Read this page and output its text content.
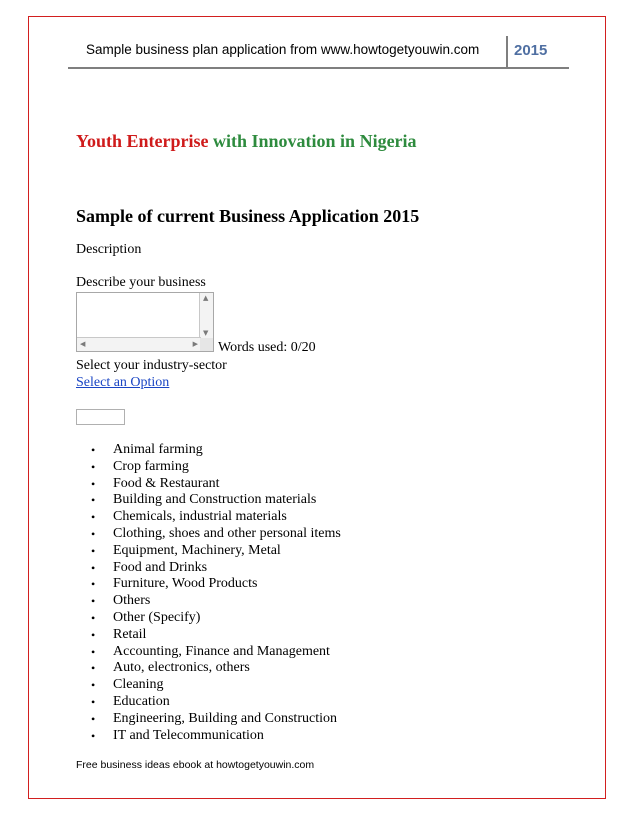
Sample business plan application from www.howtogetyouwin.com 2015
Youth Enterprise with Innovation in Nigeria
Sample of current Business Application 2015
Description
Describe your business
▲
▼
◀	▶ Words used: 0/20
Select your industry-sector
Select an Option
• Animal farming
• Crop farming
• Food & Restaurant
• Building and Construction materials
• Chemicals, industrial materials
• Clothing, shoes and other personal items
• Equipment, Machinery, Metal
• Food and Drinks
• Furniture, Wood Products
• Others
• Other (Specify)
• Retail
• Accounting, Finance and Management
• Auto, electronics, others
• Cleaning
• Education
• Engineering, Building and Construction
• IT and Telecommunication
Free business ideas ebook at howtogetyouwin.com
